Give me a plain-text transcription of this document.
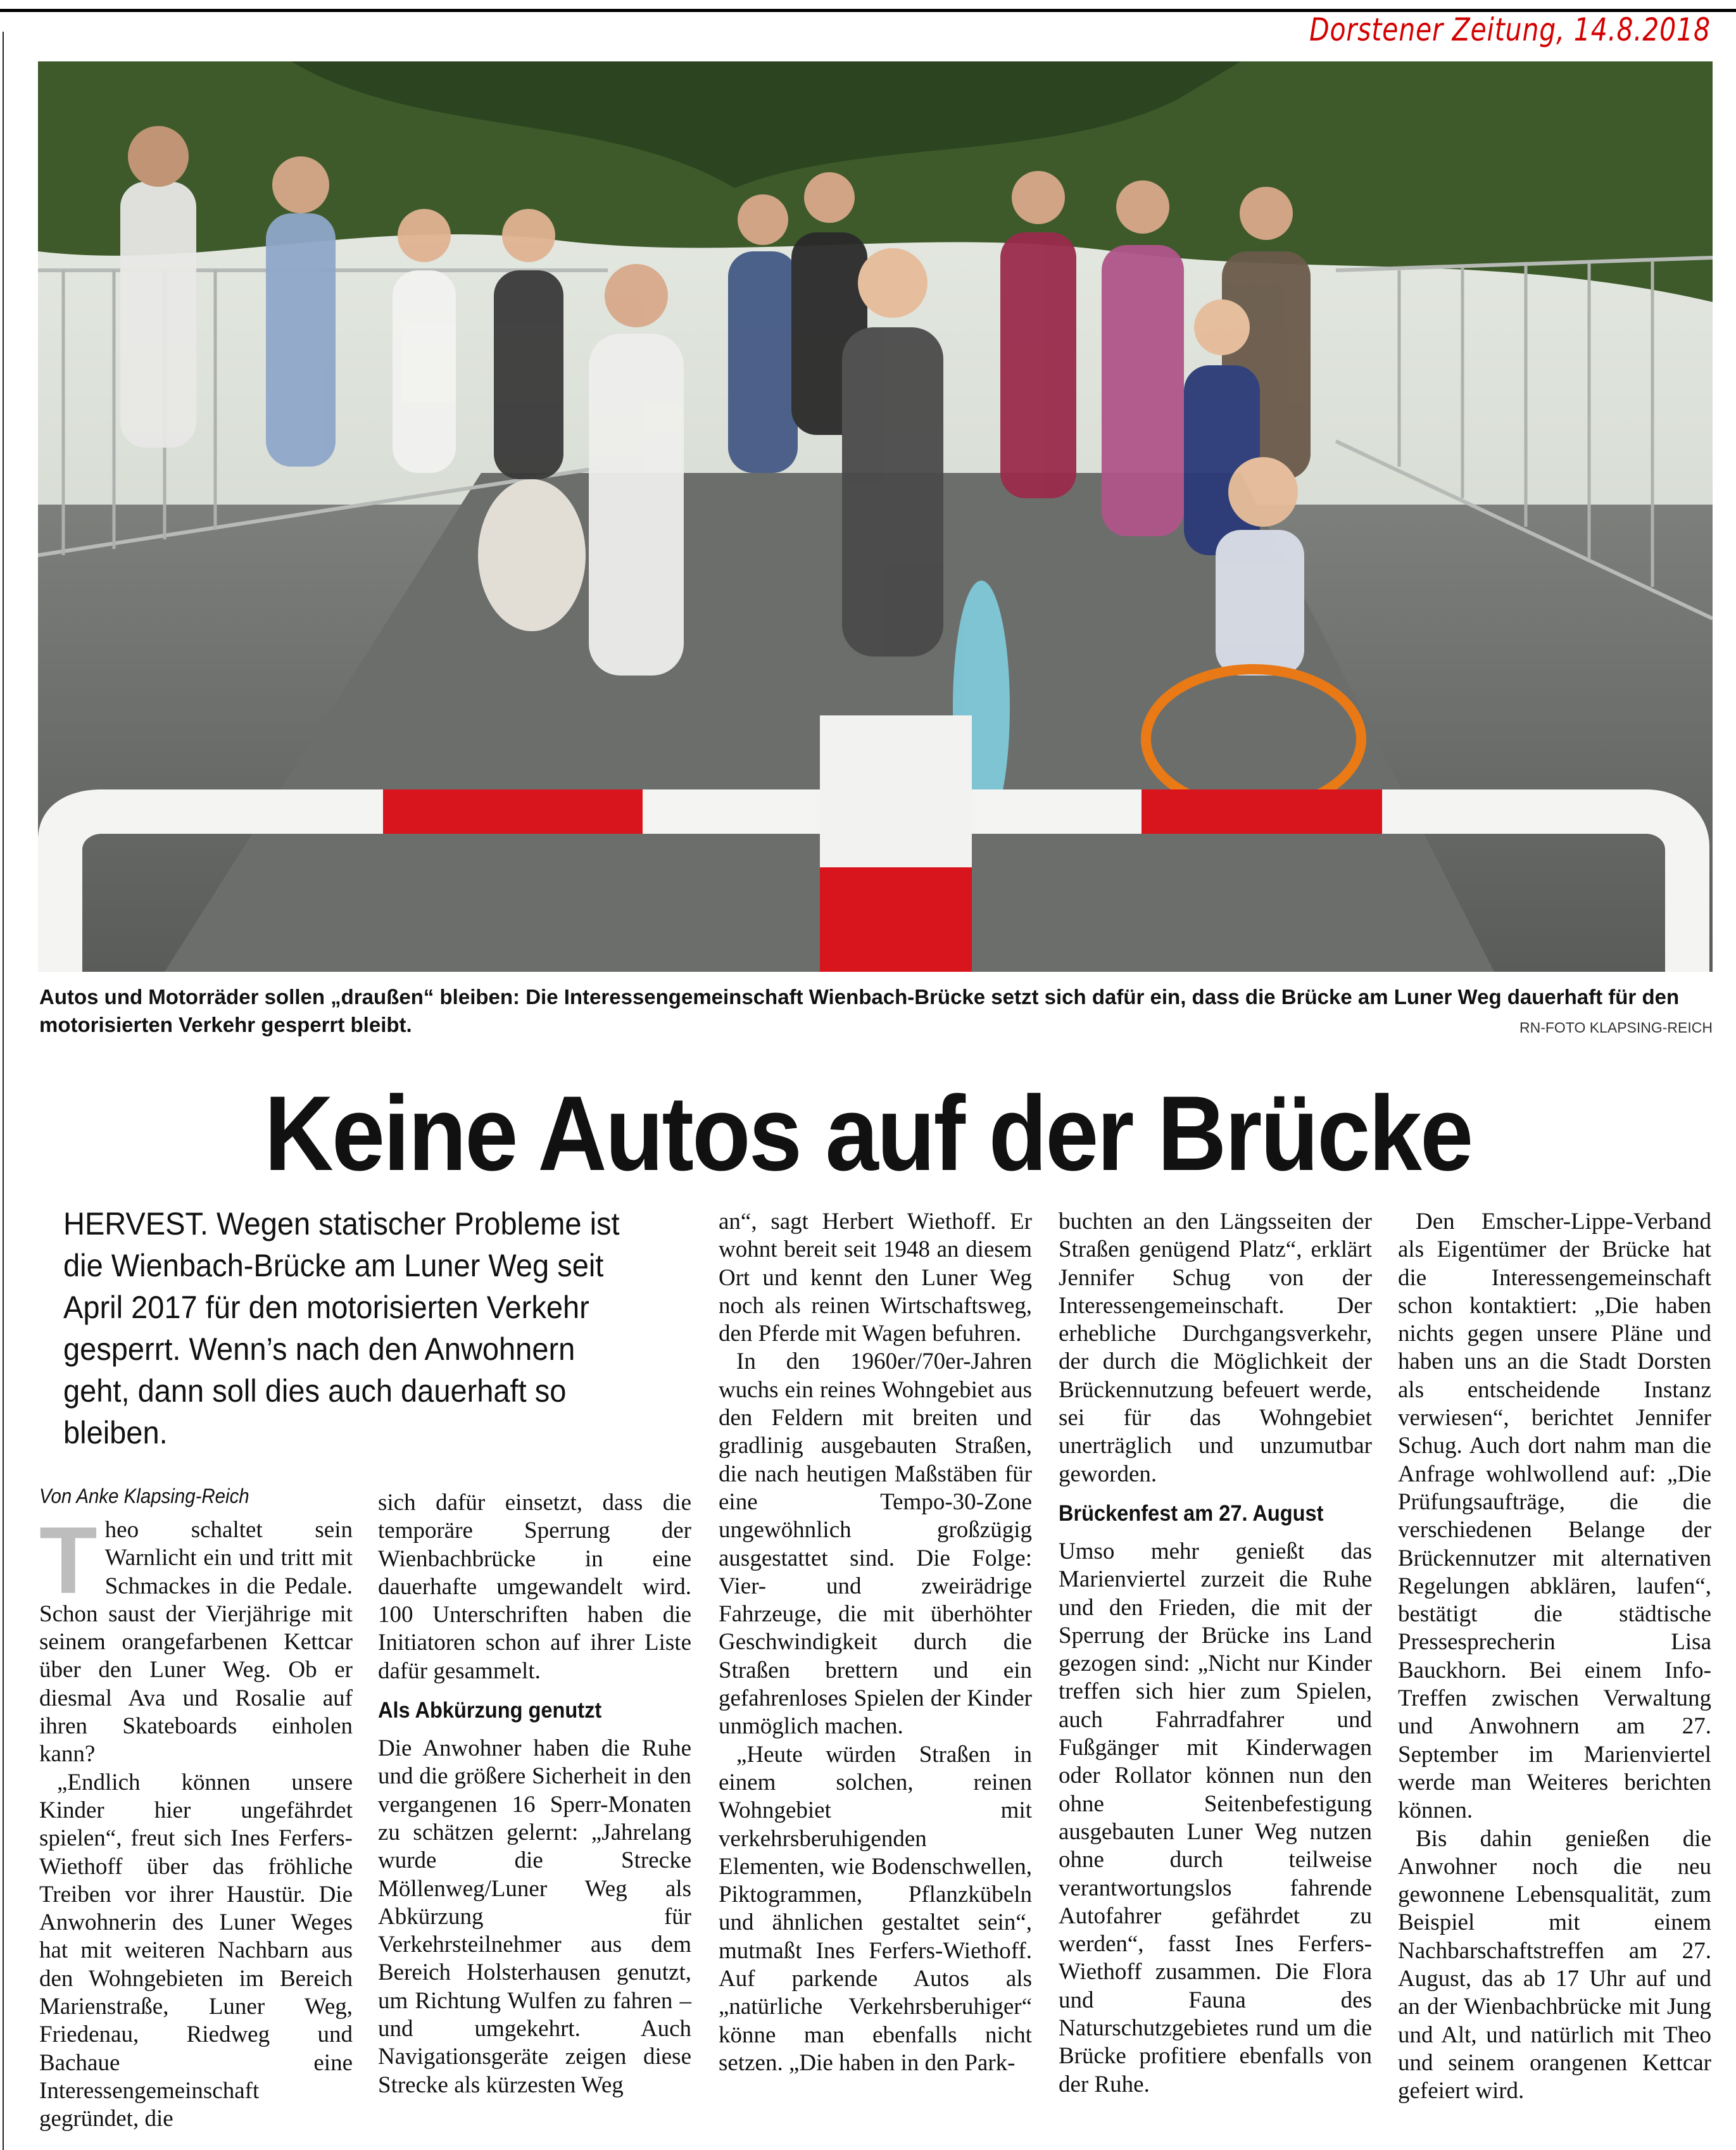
Dorstener Zeitung, 14.8.2018
Autos und Motorräder sollen „draußen“ bleiben: Die Interessengemeinschaft Wienbach-Brücke setzt sich dafür ein, dass die Brücke am Luner Weg dauerhaft für den motorisierten Verkehr gesperrt bleibt.	RN-FOTO KLAPSING-REICH
Keine Autos auf der Brücke
HERVEST. Wegen statischer Probleme ist die Wienbach-Brücke am Luner Weg seit April 2017 für den motorisierten Verkehr gesperrt. Wenn’s nach den Anwohnern geht, dann soll dies auch dauerhaft so bleiben.
Von Anke Klapsing-Reich
T heo schaltet sein Warnlicht ein und tritt mit Schmackes in die Pedale. Schon saust der Vierjährige mit seinem orangefarbenen Kettcar über den Luner Weg. Ob er diesmal Ava und Rosalie auf ihren Skateboards einholen kann?

„Endlich können unsere Kinder hier ungefährdet spielen“, freut sich Ines Ferfers-Wiethoff über das fröhliche Treiben vor ihrer Haustür. Die Anwohnerin des Luner Weges hat mit weiteren Nachbarn aus den Wohngebieten im Bereich Marienstraße, Luner Weg, Friedenau, Riedweg und Bachaue eine Interessengemeinschaft gegründet, die

sich dafür einsetzt, dass die temporäre Sperrung der Wienbachbrücke in eine dauerhafte umgewandelt wird. 100 Unterschriften haben die Initiatoren schon auf ihrer Liste dafür gesammelt.

Als Abkürzung genutzt

Die Anwohner haben die Ruhe und die größere Sicherheit in den vergangenen 16 Sperr-Monaten zu schätzen gelernt: „Jahrelang wurde die Strecke Möllenweg/Luner Weg als Abkürzung für Verkehrsteilnehmer aus dem Bereich Holsterhausen genutzt, um Richtung Wulfen zu fahren – und umgekehrt. Auch Navigationsgeräte zeigen diese Strecke als kürzesten Weg

an“, sagt Herbert Wiethoff. Er wohnt bereit seit 1948 an diesem Ort und kennt den Luner Weg noch als reinen Wirtschaftsweg, den Pferde mit Wagen befuhren.

In den 1960er/70er-Jahren wuchs ein reines Wohngebiet aus den Feldern mit breiten und gradlinig ausgebauten Straßen, die nach heutigen Maßstäben für eine Tempo-30-Zone ungewöhnlich großzügig ausgestattet sind. Die Folge: Vier- und zweirädrige Fahrzeuge, die mit überhöhter Geschwindigkeit durch die Straßen brettern und ein gefahrenloses Spielen der Kinder unmöglich machen.

„Heute würden Straßen in einem solchen, reinen Wohngebiet mit verkehrsberuhigenden Elementen, wie Bodenschwellen, Piktogrammen, Pflanzkübeln und ähnlichen gestaltet sein“, mutmaßt Ines Ferfers-Wiethoff. Auf parkende Autos als „natürliche Verkehrsberuhiger“ könne man ebenfalls nicht setzen. „Die haben in den Park-

buchten an den Längsseiten der Straßen genügend Platz“, erklärt Jennifer Schug von der Interessengemeinschaft. Der erhebliche Durchgangsverkehr, der durch die Möglichkeit der Brückennutzung befeuert werde, sei für das Wohngebiet unerträglich und unzumutbar geworden.

Brückenfest am 27. August

Umso mehr genießt das Marienviertel zurzeit die Ruhe und den Frieden, die mit der Sperrung der Brücke ins Land gezogen sind: „Nicht nur Kinder treffen sich hier zum Spielen, auch Fahrradfahrer und Fußgänger mit Kinderwagen oder Rollator können nun den ohne Seitenbefestigung ausgebauten Luner Weg nutzen ohne durch teilweise verantwortungslos fahrende Autofahrer gefährdet zu werden“, fasst Ines Ferfers-Wiethoff zusammen. Die Flora und Fauna des Naturschutzgebietes rund um die Brücke profitiere ebenfalls von der Ruhe.

Den Emscher-Lippe-Verband als Eigentümer der Brücke hat die Interessengemeinschaft schon kontaktiert: „Die haben nichts gegen unsere Pläne und haben uns an die Stadt Dorsten als entscheidende Instanz verwiesen“, berichtet Jennifer Schug. Auch dort nahm man die Anfrage wohlwollend auf: „Die Prüfungsaufträge, die die verschiedenen Belange der Brückennutzer mit alternativen Regelungen abklären, laufen“, bestätigt die städtische Pressesprecherin Lisa Bauckhorn. Bei einem Info-Treffen zwischen Verwaltung und Anwohnern am 27. September im Marienviertel werde man Weiteres berichten können.

Bis dahin genießen die Anwohner noch die neu gewonnene Lebensqualität, zum Beispiel mit einem Nachbarschaftstreffen am 27. August, das ab 17 Uhr auf und an der Wienbachbrücke mit Jung und Alt, und natürlich mit Theo und seinem orangenen Kettcar gefeiert wird.
